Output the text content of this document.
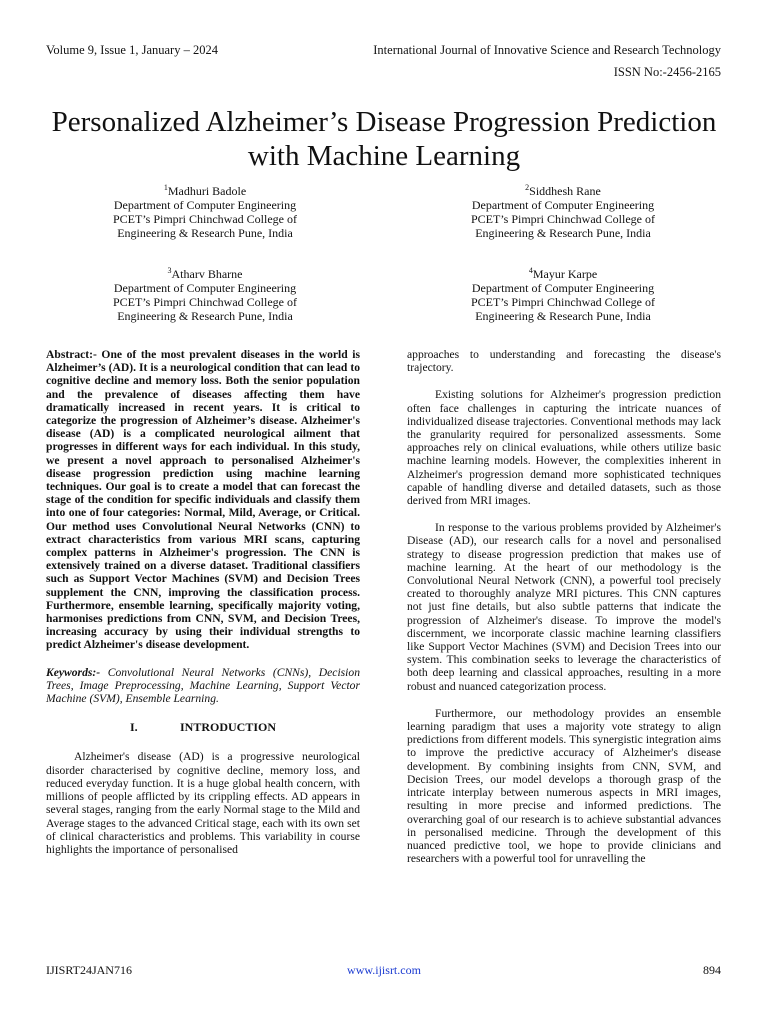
Volume 9, Issue 1, January – 2024	International Journal of Innovative Science and Research Technology
ISSN No:-2456-2165
Personalized Alzheimer’s Disease Progression Prediction with Machine Learning
$^1$Madhuri Badole
Department of Computer Engineering
PCET’s Pimpri Chinchwad College of
Engineering & Research Pune, India
$^2$Siddhesh Rane
Department of Computer Engineering
PCET’s Pimpri Chinchwad College of
Engineering & Research Pune, India
$^3$Atharv Bharne
Department of Computer Engineering
PCET’s Pimpri Chinchwad College of
Engineering & Research Pune, India
$^4$Mayur Karpe
Department of Computer Engineering
PCET’s Pimpri Chinchwad College of
Engineering & Research Pune, India

Abstract:- One of the most prevalent diseases in the world is Alzheimer’s (AD). It is a neurological condition that can lead to cognitive decline and memory loss. Both the senior population and the prevalence of diseases affecting them have dramatically increased in recent years. It is critical to categorize the progression of Alzheimer’s disease. Alzheimer's disease (AD) is a complicated neurological ailment that progresses in different ways for each individual. In this study, we present a novel approach to personalised Alzheimer's disease progression prediction using machine learning techniques. Our goal is to create a model that can forecast the stage of the condition for specific individuals and classify them into one of four categories: Normal, Mild, Average, or Critical. Our method uses Convolutional Neural Networks (CNN) to extract characteristics from various MRI scans, capturing complex patterns in Alzheimer's progression. The CNN is extensively trained on a diverse dataset. Traditional classifiers such as Support Vector Machines (SVM) and Decision Trees supplement the CNN, improving the classification process. Furthermore, ensemble learning, specifically majority voting, harmonises predictions from CNN, SVM, and Decision Trees, increasing accuracy by using their individual strengths to predict Alzheimer's disease development.

Keywords:- Convolutional Neural Networks (CNNs), Decision Trees, Image Preprocessing, Machine Learning, Support Vector Machine (SVM), Ensemble Learning.

I.	INTRODUCTION

Alzheimer's disease (AD) is a progressive neurological disorder characterised by cognitive decline, memory loss, and reduced everyday function. It is a huge global health concern, with millions of people afflicted by its crippling effects. AD appears in several stages, ranging from the early Normal stage to the Mild and Average stages to the advanced Critical stage, each with its own set of clinical characteristics and problems. This variability in course highlights the importance of personalised

approaches to understanding and forecasting the disease's trajectory.

Existing solutions for Alzheimer's progression prediction often face challenges in capturing the intricate nuances of individualized disease trajectories. Conventional methods may lack the granularity required for personalized assessments. Some approaches rely on clinical evaluations, while others utilize basic machine learning models. However, the complexities inherent in Alzheimer's progression demand more sophisticated techniques capable of handling diverse and detailed datasets, such as those derived from MRI images.

In response to the various problems provided by Alzheimer's Disease (AD), our research calls for a novel and personalised strategy to disease progression prediction that makes use of machine learning. At the heart of our methodology is the Convolutional Neural Network (CNN), a powerful tool precisely created to thoroughly analyze MRI pictures. This CNN captures not just fine details, but also subtle patterns that indicate the progression of Alzheimer's disease. To improve the model's discernment, we incorporate classic machine learning classifiers like Support Vector Machines (SVM) and Decision Trees into our system. This combination seeks to leverage the characteristics of both deep learning and classical approaches, resulting in a more robust and nuanced categorization process.

Furthermore, our methodology provides an ensemble learning paradigm that uses a majority vote strategy to align predictions from different models. This synergistic integration aims to improve the predictive accuracy of Alzheimer's disease development. By combining insights from CNN, SVM, and Decision Trees, our model develops a thorough grasp of the intricate interplay between numerous aspects in MRI images, resulting in more precise and informed predictions. The overarching goal of our research is to achieve substantial advances in personalised medicine. Through the development of this nuanced predictive tool, we hope to provide clinicians and researchers with a powerful tool for unravelling the

IJISRT24JAN716	www.ijisrt.com	894
